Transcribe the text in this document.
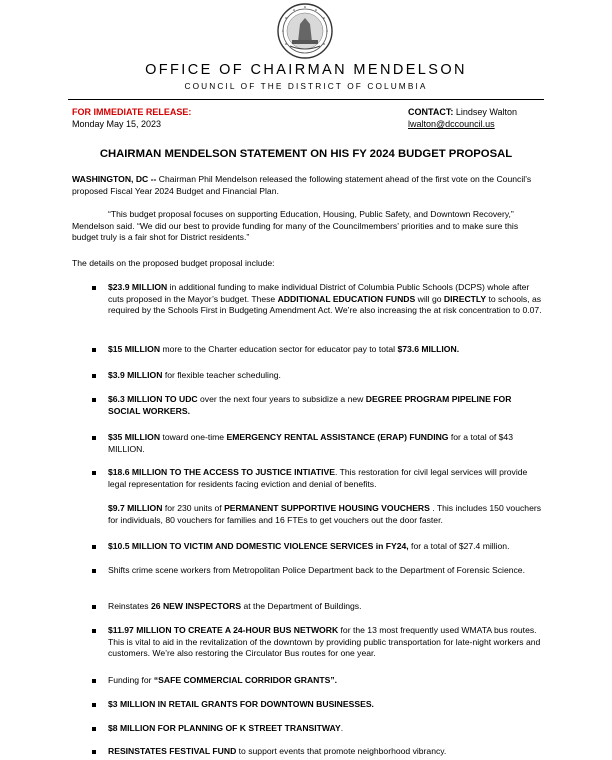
OFFICE OF CHAIRMAN MENDELSON
COUNCIL OF THE DISTRICT OF COLUMBIA
FOR IMMEDIATE RELEASE:	CONTACT: Lindsey Walton
Monday May 15, 2023	lwalton@dccouncil.us
CHAIRMAN MENDELSON STATEMENT ON HIS FY 2024 BUDGET PROPOSAL
WASHINGTON, DC -- Chairman Phil Mendelson released the following statement ahead of the first vote on the Council’s proposed Fiscal Year 2024 Budget and Financial Plan.
“This budget proposal focuses on supporting Education, Housing, Public Safety, and Downtown Recovery,” Mendelson said. “We did our best to provide funding for many of the Councilmembers’ priorities and to make sure this budget truly is a fair shot for District residents.”
The details on the proposed budget proposal include:
$23.9 MILLION in additional funding to make individual District of Columbia Public Schools (DCPS) whole after cuts proposed in the Mayor’s budget. These ADDITIONAL EDUCATION FUNDS will go DIRECTLY to schools, as required by the Schools First in Budgeting Amendment Act. We’re also increasing the at risk concentration to 0.07.
$15 MILLION more to the Charter education sector for educator pay to total $73.6 MILLION.
$3.9 MILLION for flexible teacher scheduling.
$6.3 MILLION TO UDC over the next four years to subsidize a new DEGREE PROGRAM PIPELINE FOR SOCIAL WORKERS.
$35 MILLION toward one-time EMERGENCY RENTAL ASSISTANCE (ERAP) FUNDING for a total of $43 MILLION.
$18.6 MILLION TO THE ACCESS TO JUSTICE INTIATIVE. This restoration for civil legal services will provide legal representation for residents facing eviction and denial of benefits.
$9.7 MILLION for 230 units of PERMANENT SUPPORTIVE HOUSING VOUCHERS . This includes 150 vouchers for individuals, 80 vouchers for families and 16 FTEs to get vouchers out the door faster.
$10.5 MILLION TO VICTIM AND DOMESTIC VIOLENCE SERVICES in FY24, for a total of $27.4 million.
Shifts crime scene workers from Metropolitan Police Department back to the Department of Forensic Science.
Reinstates 26 NEW INSPECTORS at the Department of Buildings.
$11.97 MILLION TO CREATE A 24-HOUR BUS NETWORK for the 13 most frequently used WMATA bus routes. This is vital to aid in the revitalization of the downtown by providing public transportation for late-night workers and customers. We’re also restoring the Circulator Bus routes for one year.
Funding for “SAFE COMMERCIAL CORRIDOR GRANTS”.
$3 MILLION IN RETAIL GRANTS FOR DOWNTOWN BUSINESSES.
$8 MILLION FOR PLANNING OF K STREET TRANSITWAY.
RESINSTATES FESTIVAL FUND to support events that promote neighborhood vibrancy.
